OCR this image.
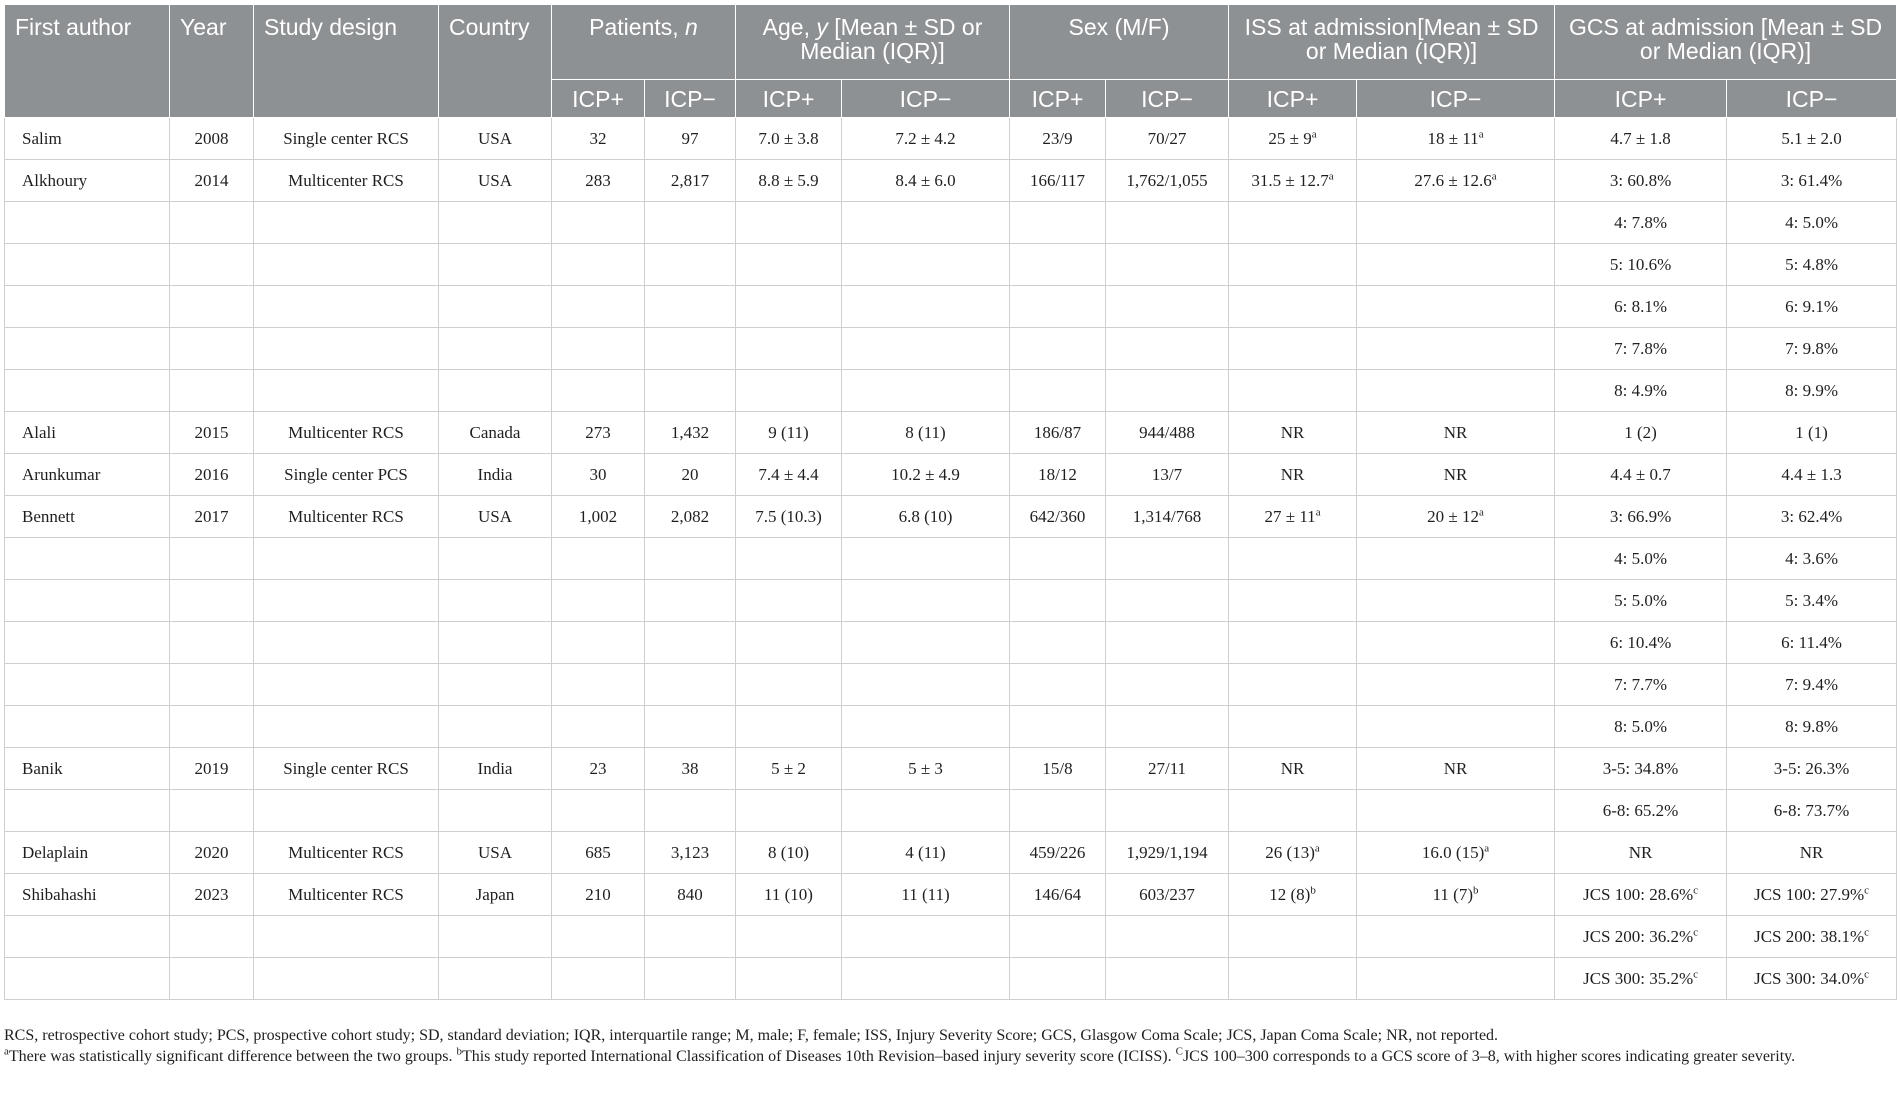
First author	Year	Study design	Country	Patients, n		Age, y [Mean ± SD or Median (IQR)]		Sex (M/F)		ISS at admission[Mean ± SD or Median (IQR)]		GCS at admission [Mean ± SD or Median (IQR)]	
				ICP+	ICP−	ICP+	ICP−	ICP+	ICP−	ICP+	ICP−	ICP+	ICP−
Salim	2008	Single center RCS	USA	32	97	7.0 ± 3.8	7.2 ± 4.2	23/9	70/27	$25 \pm 9^a$	$18 \pm 11^a$	4.7 ± 1.8	5.1 ± 2.0
Alkhoury	2014	Multicenter RCS	USA	283	2,817	8.8 ± 5.9	8.4 ± 6.0	166/117	1,762/1,055	31.5 ± 12.7$^a$	27.6 ± 12.6$^a$	3: 60.8%	3: 61.4%
												4: 7.8%	4: 5.0%
												5: 10.6%	5: 4.8%
												6: 8.1%	6: 9.1%
												7: 7.8%	7: 9.8%
												8: 4.9%	8: 9.9%
Alali	2015	Multicenter RCS	Canada	273	1,432	9 (11)	8 (11)	186/87	944/488	NR	NR	1 (2)	1 (1)
Arunkumar	2016	Single center PCS	India	30	20	7.4 ± 4.4	10.2 ± 4.9	18/12	13/7	NR	NR	4.4 ± 0.7	4.4 ± 1.3
Bennett	2017	Multicenter RCS	USA	1,002	2,082	7.5 (10.3)	6.8 (10)	642/360	1,314/768	$27 \pm 11^a$	$20 \pm 12^a$	3: 66.9%	3: 62.4%
												4: 5.0%	4: 3.6%
												5: 5.0%	5: 3.4%
												6: 10.4%	6: 11.4%
												7: 7.7%	7: 9.4%
												8: 5.0%	8: 9.8%
Banik	2019	Single center RCS	India	23	38	5 ± 2	5 ± 3	15/8	27/11	NR	NR	3-5: 34.8%	3-5: 26.3%
												6-8: 65.2%	6-8: 73.7%
Delaplain	2020	Multicenter RCS	USA	685	3,123	8 (10)	4 (11)	459/226	1,929/1,194	26 $(13)^a$	16.0 $(15)^a$	NR	NR
Shibahashi	2023	Multicenter RCS	Japan	210	840	11 (10)	11 (11)	146/64	603/237	12 $(8)^b$	11 $(7)^b$	JCS 100: 28.6%$^c$	JCS 100: 27.9%$^c$
												JCS 200: 36.2%$^c$	JCS 200: 38.1%$^c$
												JCS 300: 35.2%$^c$	JCS 300: 34.0%$^c$

RCS, retrospective cohort study; PCS, prospective cohort study; SD, standard deviation; IQR, interquartile range; M, male; F, female; ISS, Injury Severity Score; GCS, Glasgow Coma Scale; JCS, Japan Coma Scale; NR, not reported.

$^a$There was statistically significant difference between the two groups. $^b$This study reported International Classification of Diseases 10th Revision–based injury severity score (ICISS). $^C$JCS 100–300 corresponds to a GCS score of 3–8, with higher scores indicating greater severity.
